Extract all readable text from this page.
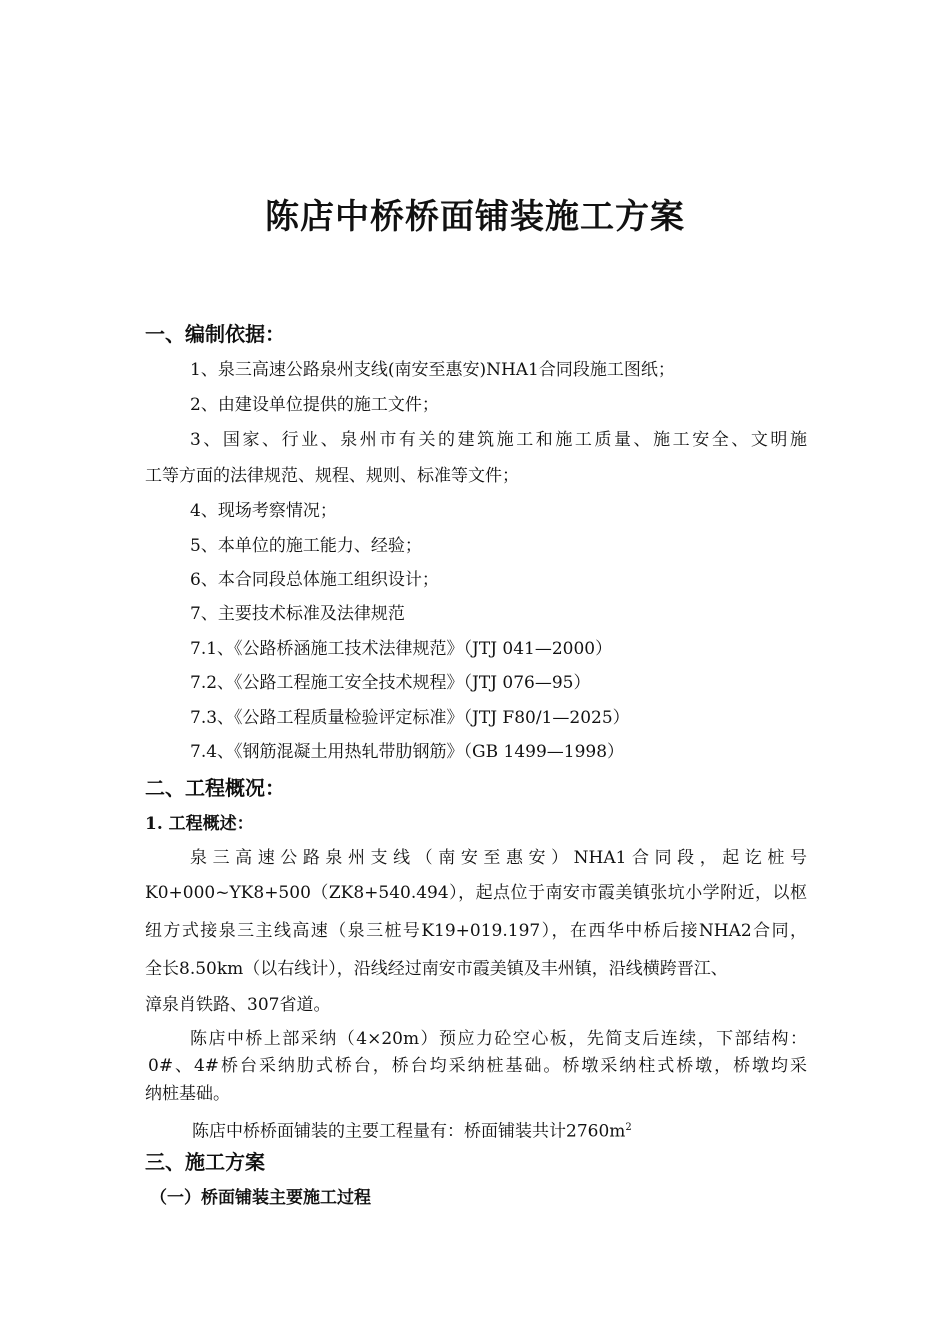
陈店中桥桥面铺装施工方案
一、编制依据：
1、泉三高速公路泉州支线(南安至惠安)NHA1合同段施工图纸；
2、由建设单位提供的施工文件；
3、国家、行业、泉州市有关的建筑施工和施工质量、施工安全、文明施
工等方面的法律规范、规程、规则、标准等文件；
4、现场考察情况；
5、本单位的施工能力、经验；
6、本合同段总体施工组织设计；
7、主要技术标准及法律规范
7.1、《公路桥涵施工技术法律规范》（JTJ 041—2000）
7.2、《公路工程施工安全技术规程》（JTJ 076—95）
7.3、《公路工程质量检验评定标准》（JTJ F80/1—2025）
7.4、《钢筋混凝土用热轧带肋钢筋》（GB 1499—1998）
二、工程概况：
1. 工程概述：
泉三高速公路泉州支线（南安至惠安）NHA1合同段，起讫桩号
K0+000~YK8+500（ZK8+540.494），起点位于南安市霞美镇张坑小学附近，以枢
纽方式接泉三主线高速（泉三桩号K19+019.197），在西华中桥后接NHA2合同，
全长8.50km（以右线计），沿线经过南安市霞美镇及丰州镇，沿线横跨晋江、
漳泉肖铁路、307省道。
陈店中桥上部采纳（4×20m）预应力砼空心板，先简支后连续，下部结构：
0#、4#桥台采纳肋式桥台，桥台均采纳桩基础。桥墩采纳柱式桥墩，桥墩均采
纳桩基础。
陈店中桥桥面铺装的主要工程量有：桥面铺装共计$2760m^2$
三、施工方案
（一）桥面铺装主要施工过程
